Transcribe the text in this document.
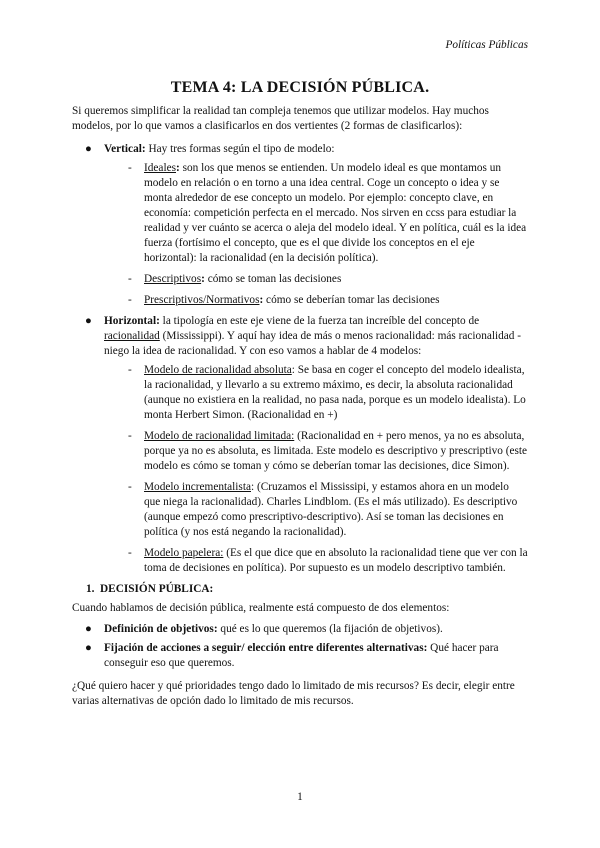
Políticas Públicas
TEMA 4: LA DECISIÓN PÚBLICA.

Si queremos simplificar la realidad tan compleja tenemos que utilizar modelos. Hay muchos modelos, por lo que vamos a clasificarlos en dos vertientes (2 formas de clasificarlos):

● Vertical: Hay tres formas según el tipo de modelo:
- Ideales: son los que menos se entienden. Un modelo ideal es que montamos un modelo en relación o en torno a una idea central. Coge un concepto o idea y se monta alrededor de ese concepto un modelo. Por ejemplo: concepto clave, en economía: competición perfecta en el mercado. Nos sirven en ccss para estudiar la realidad y ver cuánto se acerca o aleja del modelo ideal. Y en política, cuál es la idea fuerza (fortísimo el concepto, que es el que divide los conceptos en el eje horizontal): la racionalidad (en la decisión política).
- Descriptivos: cómo se toman las decisiones
- Prescriptivos/Normativos: cómo se deberían tomar las decisiones
● Horizontal: la tipología en este eje viene de la fuerza tan increíble del concepto de racionalidad (Mississippi). Y aquí hay idea de más o menos racionalidad: más racionalidad - niego la idea de racionalidad. Y con eso vamos a hablar de 4 modelos:
- Modelo de racionalidad absoluta: Se basa en coger el concepto del modelo idealista, la racionalidad, y llevarlo a su extremo máximo, es decir, la absoluta racionalidad (aunque no existiera en la realidad, no pasa nada, porque es un modelo idealista). Lo monta Herbert Simon. (Racionalidad en +)
- Modelo de racionalidad limitada: (Racionalidad en + pero menos, ya no es absoluta, porque ya no es absoluta, es limitada. Este modelo es descriptivo y prescriptivo (este modelo es cómo se toman y cómo se deberían tomar las decisiones, dice Simon).
- Modelo incrementalista: (Cruzamos el Mississipi, y estamos ahora en un modelo que niega la racionalidad). Charles Lindblom. (Es el más utilizado). Es descriptivo (aunque empezó como prescriptivo-descriptivo). Así se toman las decisiones en política (y nos está negando la racionalidad).
- Modelo papelera: (Es el que dice que en absoluto la racionalidad tiene que ver con la toma de decisiones en política). Por supuesto es un modelo descriptivo también.
1. DECISIÓN PÚBLICA:

Cuando hablamos de decisión pública, realmente está compuesto de dos elementos:

● Definición de objetivos: qué es lo que queremos (la fijación de objetivos).
● Fijación de acciones a seguir/ elección entre diferentes alternativas: Qué hacer para conseguir eso que queremos.

¿Qué quiero hacer y qué prioridades tengo dado lo limitado de mis recursos? Es decir, elegir entre varias alternativas de opción dado lo limitado de mis recursos.

1
